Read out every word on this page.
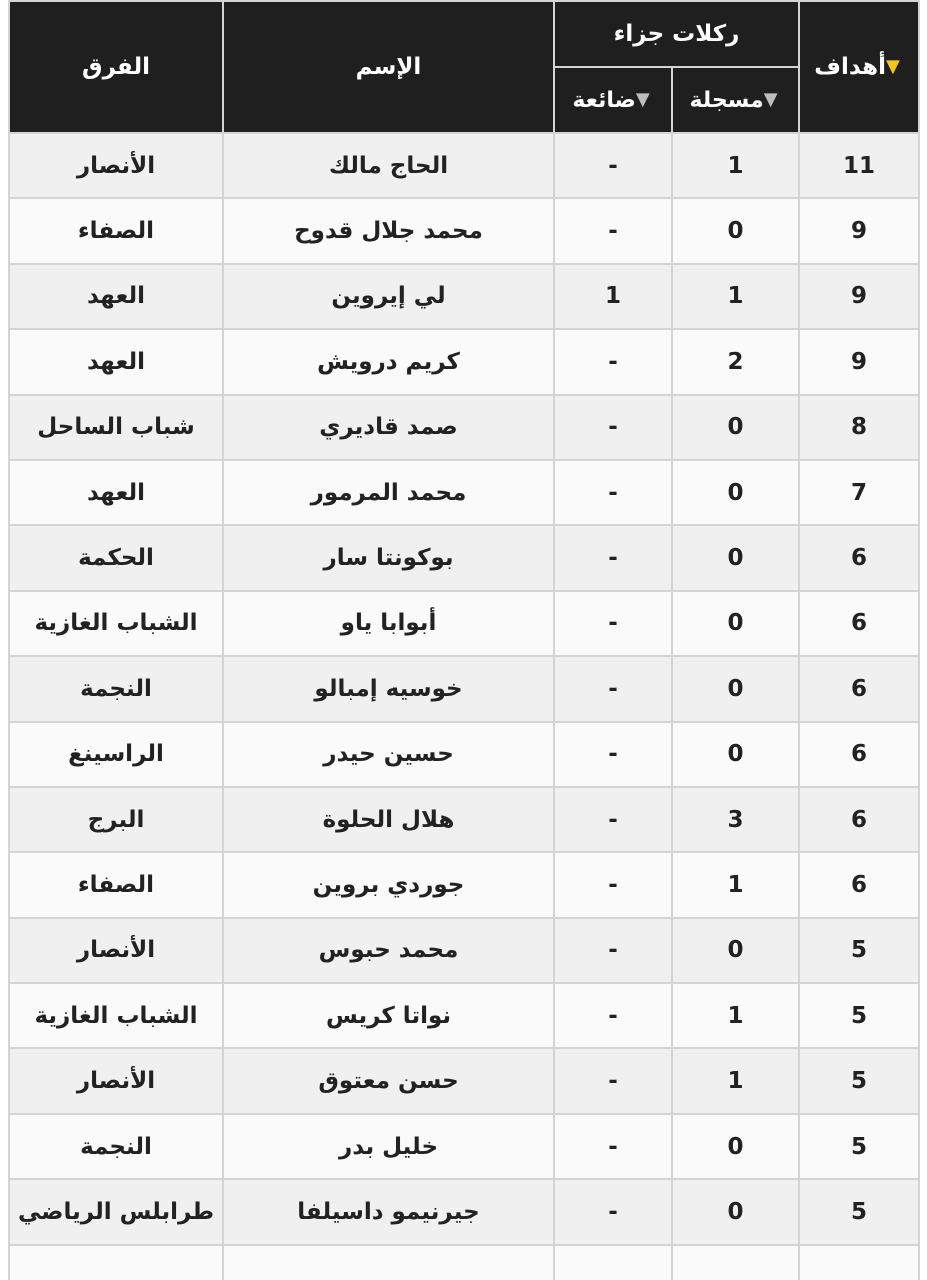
▼أهداف	ركلات جزاء		الإسم	الفرق
	▼مسجلة	▼ضائعة		
11	1	-	الحاج مالك	الأنصار
9	0	-	محمد جلال قدوح	الصفاء
9	1	1	لي إيروين	العهد
9	2	-	كريم درويش	العهد
8	0	-	صمد قاديري	شباب الساحل
7	0	-	محمد المرمور	العهد
6	0	-	بوكونتا سار	الحكمة
6	0	-	أبوابا ياو	الشباب الغازية
6	0	-	خوسيه إمبالو	النجمة
6	0	-	حسين حيدر	الراسينغ
6	3	-	هلال الحلوة	البرج
6	1	-	جوردي بروين	الصفاء
5	0	-	محمد حبوس	الأنصار
5	1	-	نواتا كريس	الشباب الغازية
5	1	-	حسن معتوق	الأنصار
5	0	-	خليل بدر	النجمة
5	0	-	جيرنيمو داسيلفا	طرابلس الرياضي
